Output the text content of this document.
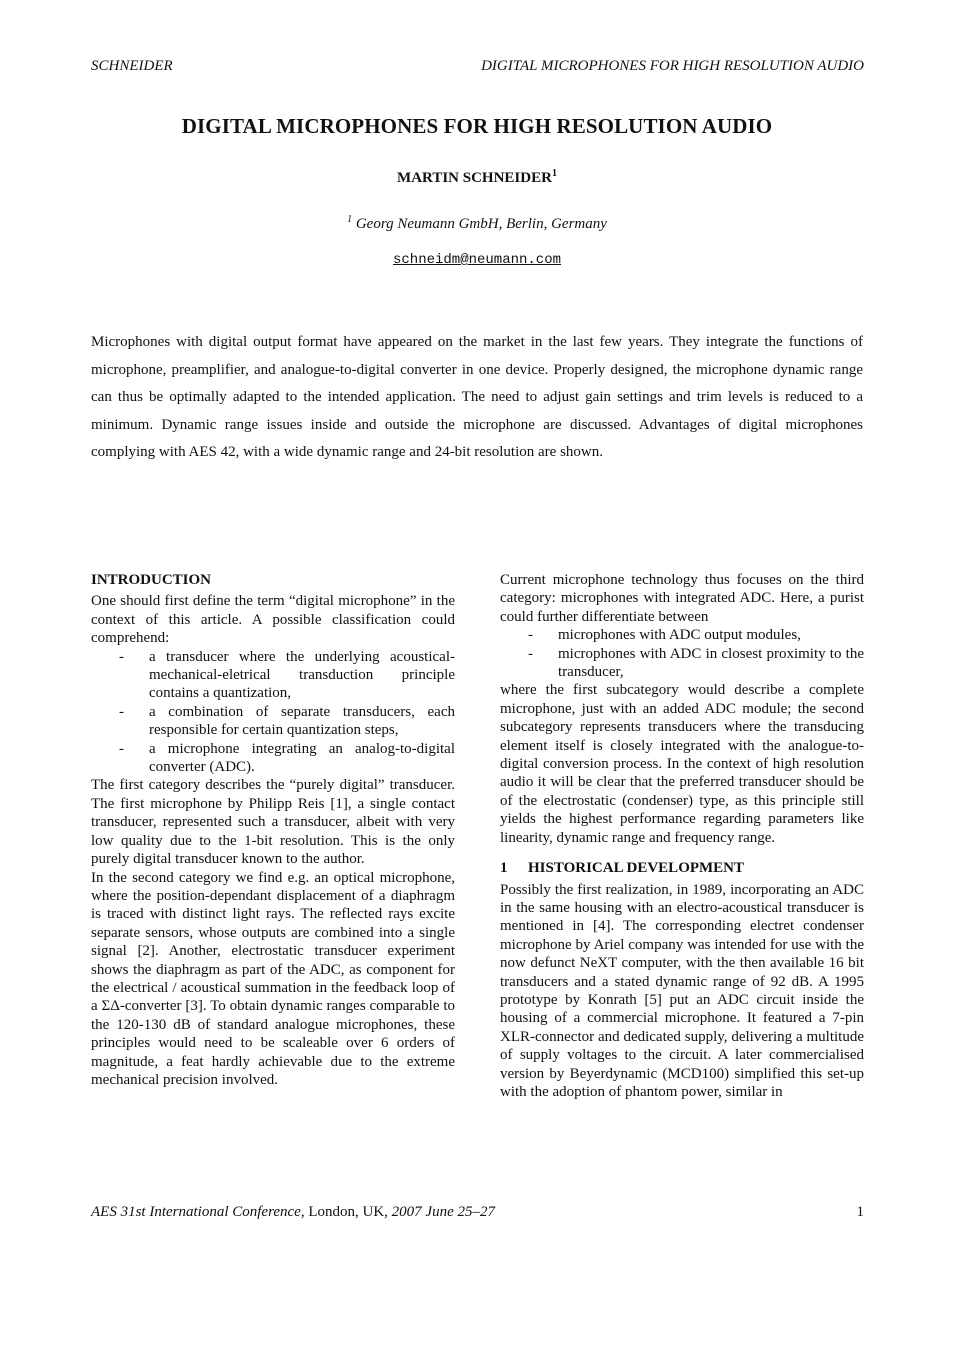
SCHNEIDER	DIGITAL MICROPHONES FOR HIGH RESOLUTION AUDIO
DIGITAL MICROPHONES FOR HIGH RESOLUTION AUDIO
MARTIN SCHNEIDER$^1$
$^1$ Georg Neumann GmbH, Berlin, Germany
schneidm@neumann.com
Microphones with digital output format have appeared on the market in the last few years. They integrate the functions of microphone, preamplifier, and analogue-to-digital converter in one device. Properly designed, the microphone dynamic range can thus be optimally adapted to the intended application. The need to adjust gain settings and trim levels is reduced to a minimum. Dynamic range issues inside and outside the microphone are discussed. Advantages of digital microphones complying with AES 42, with a wide dynamic range and 24-bit resolution are shown.
INTRODUCTION

One should first define the term “digital microphone” in the context of this article. A possible classification could comprehend:

- a transducer where the underlying acoustical-mechanical-eletrical transduction principle contains a quantization,
- a combination of separate transducers, each responsible for certain quantization steps,
- a microphone integrating an analog-to-digital converter (ADC).

The first category describes the “purely digital” transducer. The first microphone by Philipp Reis [1], a single contact transducer, represented such a transducer, albeit with very low quality due to the 1-bit resolution. This is the only purely digital transducer known to the author.

In the second category we find e.g. an optical microphone, where the position-dependant displacement of a diaphragm is traced with distinct light rays. The reflected rays excite separate sensors, whose outputs are combined into a single signal [2]. Another, electrostatic transducer experiment shows the diaphragm as part of the ADC, as component for the electrical / acoustical summation in the feedback loop of a ΣΔ-converter [3]. To obtain dynamic ranges comparable to the 120-130 dB of standard analogue microphones, these principles would need to be scaleable over 6 orders of magnitude, a feat hardly achievable due to the extreme mechanical precision involved.

Current microphone technology thus focuses on the third category: microphones with integrated ADC. Here, a purist could further differentiate between

- microphones with ADC output modules,
- microphones with ADC in closest proximity to the transducer,

where the first subcategory would describe a complete microphone, just with an added ADC module; the second subcategory represents transducers where the transducing element itself is closely integrated with the analogue-to-digital conversion process. In the context of high resolution audio it will be clear that the preferred transducer should be of the electrostatic (condenser) type, as this principle still yields the highest performance regarding parameters like linearity, dynamic range and frequency range.

1 HISTORICAL DEVELOPMENT

Possibly the first realization, in 1989, incorporating an ADC in the same housing with an electro-acoustical transducer is mentioned in [4]. The corresponding electret condenser microphone by Ariel company was intended for use with the now defunct NeXT computer, with the then available 16 bit transducers and a stated dynamic range of 92 dB. A 1995 prototype by Konrath [5] put an ADC circuit inside the housing of a commercial microphone. It featured a 7-pin XLR-connector and dedicated supply, delivering a multitude of supply voltages to the circuit. A later commercialised version by Beyerdynamic (MCD100) simplified this set-up with the adoption of phantom power, similar in

AES 31st International Conference, London, UK, 2007 June 25–27	1
